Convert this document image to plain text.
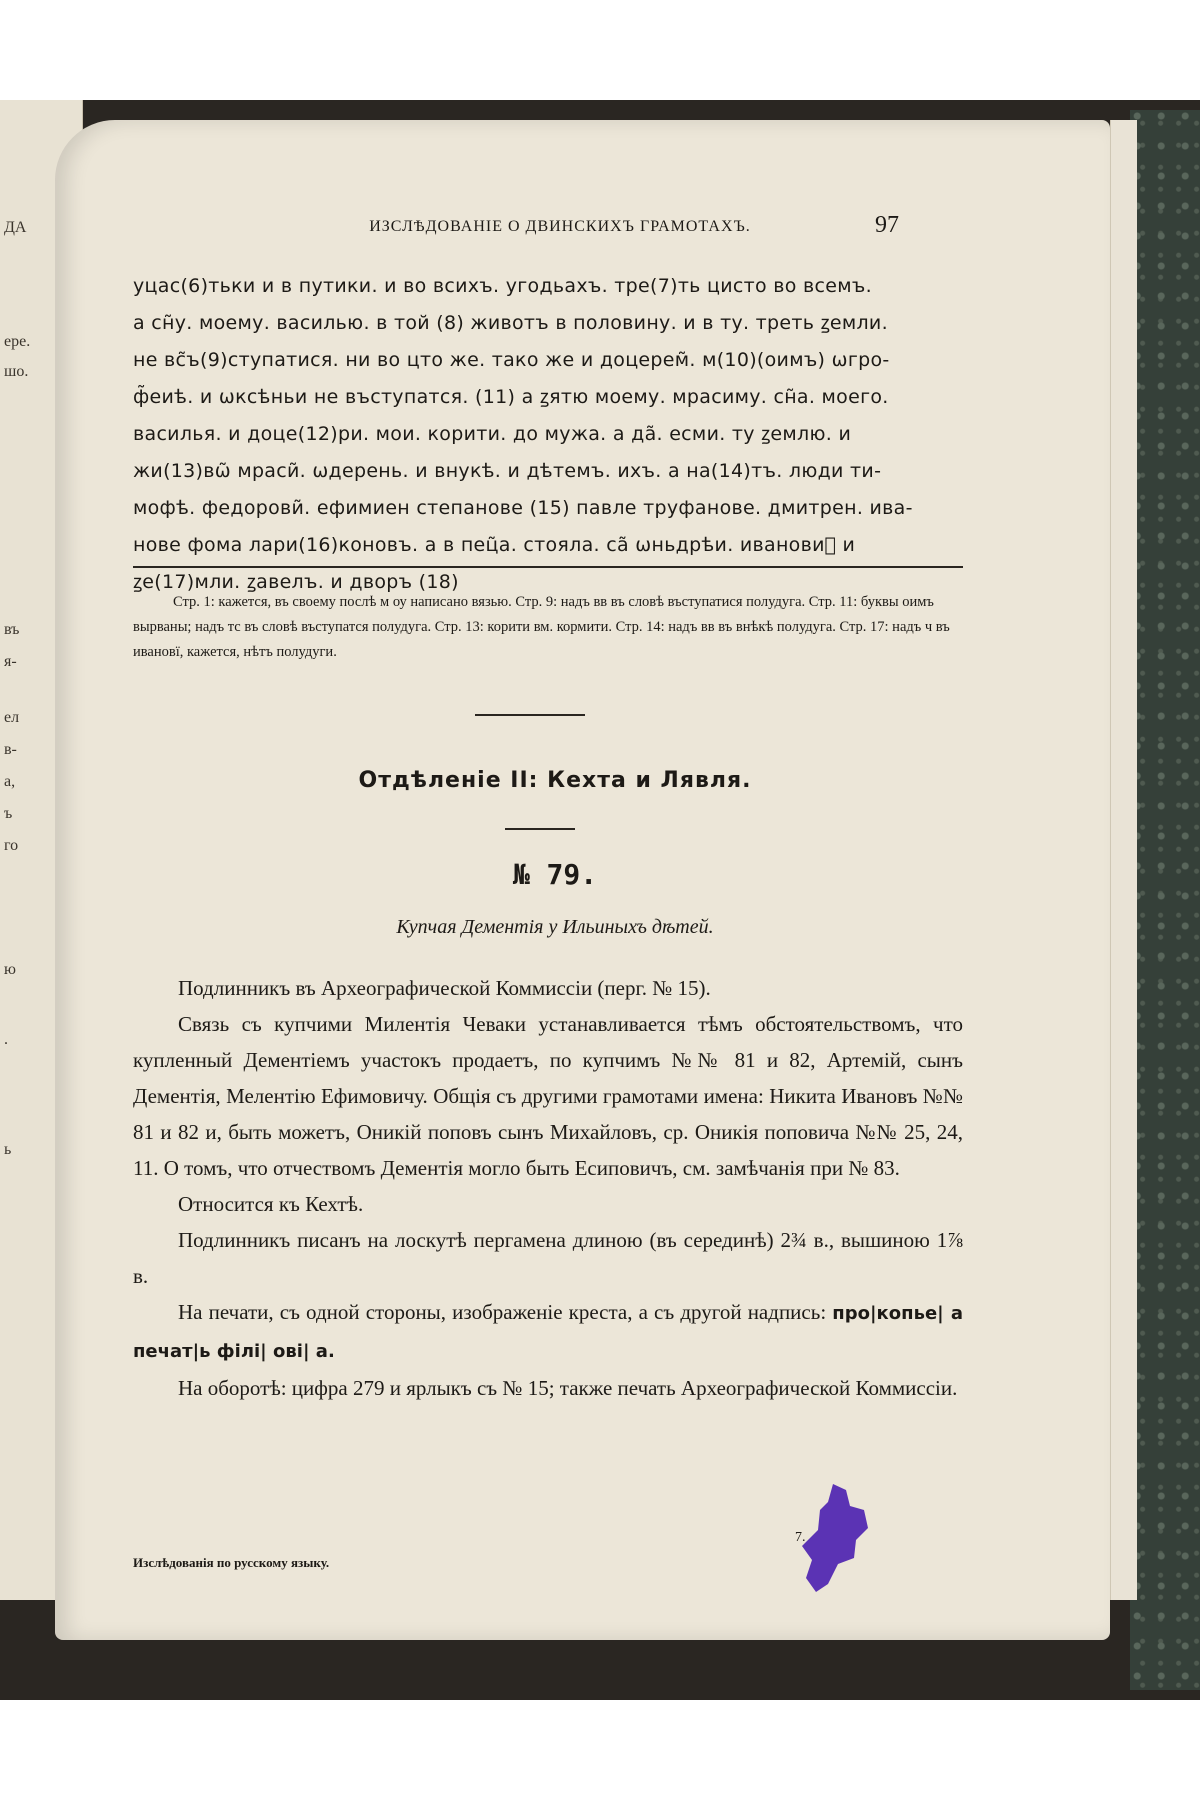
ДА
ере.
шо.
въ
я-
ел
в-
а,
ъ
го
ю
.
ь
ИЗСЛѢДОВАНІЕ О ДВИНСКИХЪ ГРАМОТАХЪ.	97
уцас(6)тьки и в путики. и во всихъ. угодьахъ. тре(7)ть цисто во всемъ.
а сн̃у. моему. василью. в той (8) животъ в половину. и в ту. треть ꙁемли.
не вс̃ъ(9)ступатися. ни во цто же. тако же и доцерем̃. м(10)(оимъ) ѡгро-
ф̃еиѣ. и ѡксѣньи не въступатся. (11) а ꙁятю моему. мрасиму. сн̃а. моего.
василья. и доце(12)ри. мои. корити. до мужа. а да̃. есми. ту ꙁемлю. и
жи(13)вѡ̃ мраси̃. ѡдерень. и внукѣ. и дѣтемъ. ихъ. а на(14)тъ. люди ти-
мофѣ. федорови̃. ефимиен степанове (15) павле труфанове. дмитрен. ива-
нове фома лари(16)коновъ. а в пец̃а. стояла. са̃ ѡньдрѣи. ивановиⷰ и
ꙁе(17)мли. ꙁавелъ. и дворъ (18)
Стр. 1: кажется, въ своему послѣ м оу написано вязью. Стр. 9: надъ вв въ словѣ въступатися полудуга. Стр. 11: буквы оимъ вырваны; надъ тс въ словѣ въступатся полудуга. Стр. 13: корити вм. кормити. Стр. 14: надъ вв въ внѣкѣ полудуга. Стр. 17: надъ ч въ ивановї, кажется, нѣтъ полудуги.
Отдѣленіе II: Кехта и Лявля.
№ 79.
Купчая Дементія у Ильиныхъ дѣтей.

Подлинникъ въ Археографической Коммиссіи (перг. № 15).

Связь съ купчими Милентія Чеваки устанавливается тѣмъ обстоятельствомъ, что купленный Дементіемъ участокъ продаетъ, по купчимъ №№ 81 и 82, Артемій, сынъ Дементія, Мелентію Ефимовичу. Общія съ другими грамотами имена: Никита Ивановъ №№ 81 и 82 и, быть можетъ, Оникій поповъ сынъ Михайловъ, ср. Оникія поповича №№ 25, 24, 11. О томъ, что отчествомъ Дементія могло быть Есиповичъ, см. замѣчанія при № 83.

Относится къ Кехтѣ.

Подлинникъ писанъ на лоскутѣ пергамена длиною (въ серединѣ) 2¾ в., вышиною 1⅞ в.

На печати, съ одной стороны, изображеніе креста, а съ другой надпись: про|копье| а печат|ь філі| ові| а.

На оборотѣ: цифра 279 и ярлыкъ съ № 15; также печать Археографической Коммиссіи.

Изслѣдованія по русскому языку.
7.
